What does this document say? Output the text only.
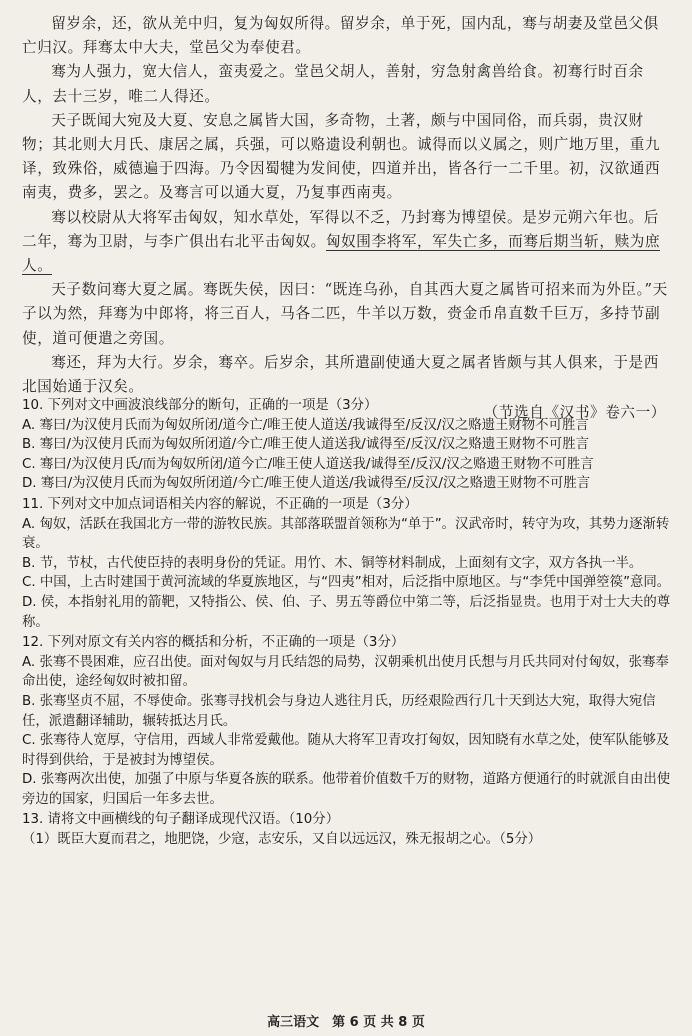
留岁余，还，欲从羌中归，复为匈奴所得。留岁余，单于死，国内乱，骞与胡妻及堂邑父俱亡归汉。拜骞太中大夫，堂邑父为奉使君。

骞为人强力，宽大信人，蛮夷爱之。堂邑父胡人，善射，穷急射禽兽给食。初骞行时百余人，去十三岁，唯二人得还。

天子既闻大宛及大夏、安息之属皆大国，多奇物，土著，颇与中国同俗，而兵弱，贵汉财物；其北则大月氏、康居之属，兵强，可以赂遗设利朝也。诚得而以义属之，则广地万里，重九译，致殊俗，威德遍于四海。乃令因蜀犍为发间使，四道并出，皆各行一二千里。初，汉欲通西南夷，费多，罢之。及骞言可以通大夏，乃复事西南夷。

骞以校尉从大将军击匈奴，知水草处，军得以不乏，乃封骞为博望侯。是岁元朔六年也。后二年，骞为卫尉，与李广俱出右北平击匈奴。匈奴围李将军，军失亡多，而骞后期当斩，赎为庶人。

天子数问骞大夏之属。骞既失侯，因曰：“既连乌孙，自其西大夏之属皆可招来而为外臣。”天子以为然，拜骞为中郎将，将三百人，马各二匹，牛羊以万数，赍金币帛直数千巨万，多持节副使，道可便遣之旁国。

骞还，拜为大行。岁余，骞卒。后岁余，其所遣副使通大夏之属者皆颇与其人俱来，于是西北国始通于汉矣。

（节选自《汉书》卷六一）

10. 下列对文中画波浪线部分的断句，正确的一项是（3分）

A. 骞曰/为汉使月氏而为匈奴所闭/道今亡/唯王使人道送/我诚得至/反汉/汉之赂遗王财物不可胜言

B. 骞曰/为汉使月氏而为匈奴所闭道/今亡/唯王使人道送我/诚得至/反汉/汉之赂遗王财物不可胜言

C. 骞曰/为汉使月氏/而为匈奴所闭/道今亡/唯王使人道送我/诚得至/反汉/汉之赂遗王财物不可胜言

D. 骞曰/为汉使月氏而为匈奴所闭道/今亡/唯王使人道送/我诚得至/反汉/汉之赂遗王财物不可胜言

11. 下列对文中加点词语相关内容的解说，不正确的一项是（3分）

A. 匈奴，活跃在我国北方一带的游牧民族。其部落联盟首领称为“单于”。汉武帝时，转守为攻，其势力逐渐转衰。

B. 节，节杖，古代使臣持的表明身份的凭证。用竹、木、铜等材料制成，上面刻有文字，双方各执一半。

C. 中国，上古时建国于黄河流域的华夏族地区，与“四夷”相对，后泛指中原地区。与“李凭中国弹箜篌”意同。

D. 侯，本指射礼用的箭靶，又特指公、侯、伯、子、男五等爵位中第二等，后泛指显贵。也用于对士大夫的尊称。

12. 下列对原文有关内容的概括和分析，不正确的一项是（3分）

A. 张骞不畏困难，应召出使。面对匈奴与月氏结怨的局势，汉朝乘机出使月氏想与月氏共同对付匈奴，张骞奉命出使，途经匈奴时被扣留。

B. 张骞坚贞不屈，不辱使命。张骞寻找机会与身边人逃往月氏，历经艰险西行几十天到达大宛，取得大宛信任，派遣翻译辅助，辗转抵达月氏。

C. 张骞待人宽厚，守信用，西域人非常爱戴他。随从大将军卫青攻打匈奴，因知晓有水草之处，使军队能够及时得到供给，于是被封为博望侯。

D. 张骞两次出使，加强了中原与华夏各族的联系。他带着价值数千万的财物，道路方便通行的时就派自由出使旁边的国家，归国后一年多去世。

13. 请将文中画横线的句子翻译成现代汉语。（10分）

（1）既臣大夏而君之，地肥饶，少寇，志安乐，又自以远远汉，殊无报胡之心。（5分）

高三语文　第 6 页 共 8 页
